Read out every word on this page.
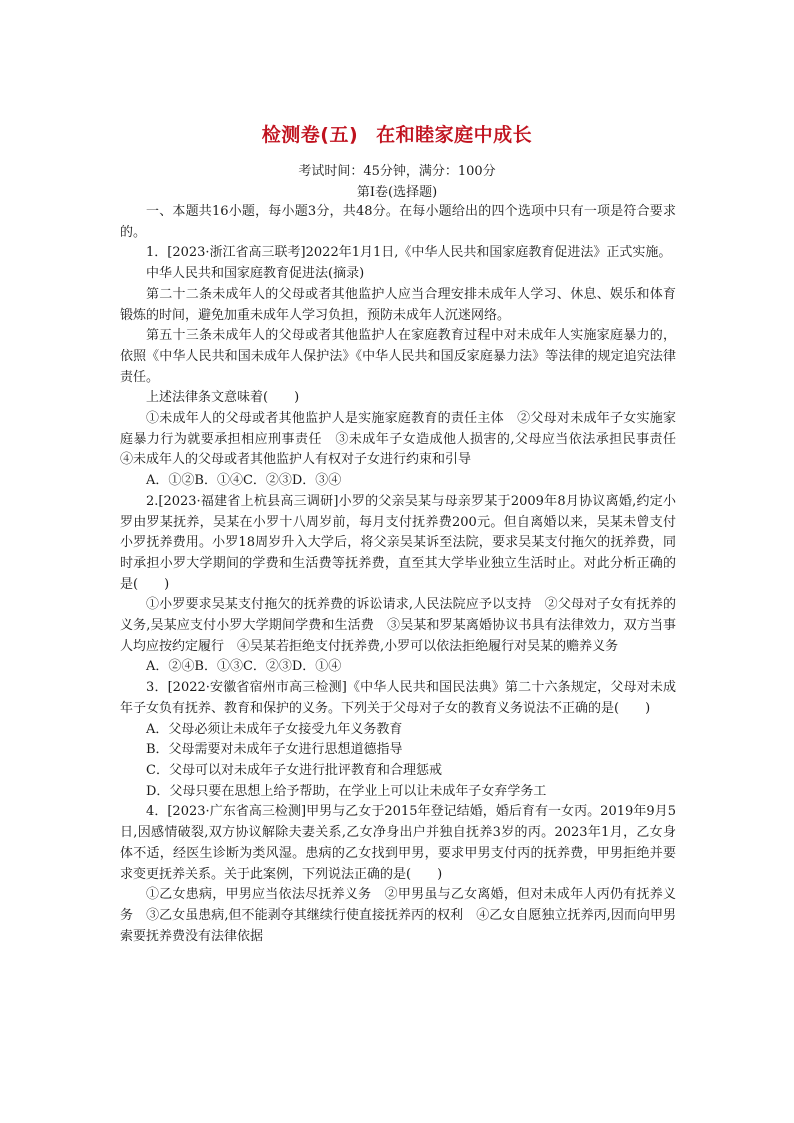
检测卷(五) 在和睦家庭中成长
考试时间：45分钟，满分：100分
第Ⅰ卷(选择题)

一、本题共16小题，每小题3分，共48分。在每小题给出的四个选项中只有一项是符合要求的。

1．[2023·浙江省高三联考]2022年1月1日,《中华人民共和国家庭教育促进法》正式实施。

中华人民共和国家庭教育促进法(摘录)

第二十二条未成年人的父母或者其他监护人应当合理安排未成年人学习、休息、娱乐和体育锻炼的时间，避免加重未成年人学习负担，预防未成年人沉迷网络。

第五十三条未成年人的父母或者其他监护人在家庭教育过程中对未成年人实施家庭暴力的，依照《中华人民共和国未成年人保护法》《中华人民共和国反家庭暴力法》等法律的规定追究法律责任。

上述法律条文意味着(　　)

①未成年人的父母或者其他监护人是实施家庭教育的责任主体　②父母对未成年子女实施家庭暴力行为就要承担相应刑事责任　③未成年子女造成他人损害的,父母应当依法承担民事责任　④未成年人的父母或者其他监护人有权对子女进行约束和引导

A．①②B．①④C．②③D．③④

2.[2023·福建省上杭县高三调研]小罗的父亲吴某与母亲罗某于2009年8月协议离婚,约定小罗由罗某抚养，吴某在小罗十八周岁前，每月支付抚养费200元。但自离婚以来，吴某未曾支付小罗抚养费用。小罗18周岁升入大学后，将父亲吴某诉至法院，要求吴某支付拖欠的抚养费，同时承担小罗大学期间的学费和生活费等抚养费，直至其大学毕业独立生活时止。对此分析正确的是(　　)

①小罗要求吴某支付拖欠的抚养费的诉讼请求,人民法院应予以支持　②父母对子女有抚养的义务,吴某应支付小罗大学期间学费和生活费　③吴某和罗某离婚协议书具有法律效力，双方当事人均应按约定履行　④吴某若拒绝支付抚养费,小罗可以依法拒绝履行对吴某的赡养义务

A．②④B．①③C．②③D．①④

3．[2022·安徽省宿州市高三检测]《中华人民共和国民法典》第二十六条规定，父母对未成年子女负有抚养、教育和保护的义务。下列关于父母对子女的教育义务说法不正确的是(　　)

A．父母必须让未成年子女接受九年义务教育

B．父母需要对未成年子女进行思想道德指导

C．父母可以对未成年子女进行批评教育和合理惩戒

D．父母只要在思想上给予帮助，在学业上可以让未成年子女弃学务工

4．[2023·广东省高三检测]甲男与乙女于2015年登记结婚，婚后育有一女丙。2019年9月5日,因感情破裂,双方协议解除夫妻关系,乙女净身出户并独自抚养3岁的丙。2023年1月，乙女身体不适，经医生诊断为类风湿。患病的乙女找到甲男，要求甲男支付丙的抚养费，甲男拒绝并要求变更抚养关系。关于此案例，下列说法正确的是(　　)

①乙女患病，甲男应当依法尽抚养义务　②甲男虽与乙女离婚，但对未成年人丙仍有抚养义务　③乙女虽患病,但不能剥夺其继续行使直接抚养丙的权利　④乙女自愿独立抚养丙,因而向甲男索要抚养费没有法律依据
